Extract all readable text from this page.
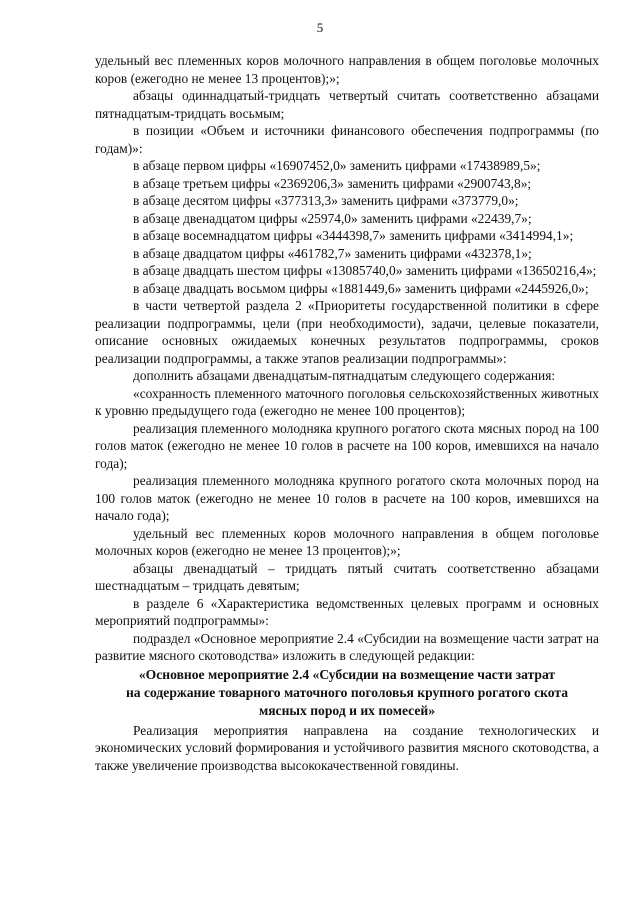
5

удельный вес племенных коров молочного направления в общем поголовье молочных коров (ежегодно не менее 13 процентов);»;

абзацы одиннадцатый-тридцать четвертый считать соответственно абзацами пятнадцатым-тридцать восьмым;

в позиции «Объем и источники финансового обеспечения подпрограммы (по годам)»:

в абзаце первом цифры «16907452,0» заменить цифрами «17438989,5»;

в абзаце третьем цифры «2369206,3» заменить цифрами «2900743,8»;

в абзаце десятом цифры «377313,3» заменить цифрами «373779,0»;

в абзаце двенадцатом цифры «25974,0» заменить цифрами «22439,7»;

в абзаце восемнадцатом цифры «3444398,7» заменить цифрами «3414994,1»;

в абзаце двадцатом цифры «461782,7» заменить цифрами «432378,1»;

в абзаце двадцать шестом цифры «13085740,0» заменить цифрами «13650216,4»;

в абзаце двадцать восьмом цифры «1881449,6» заменить цифрами «2445926,0»;

в части четвертой раздела 2 «Приоритеты государственной политики в сфере реализации подпрограммы, цели (при необходимости), задачи, целевые показатели, описание основных ожидаемых конечных результатов подпрограммы, сроков реализации подпрограммы, а также этапов реализации подпрограммы»:

дополнить абзацами двенадцатым-пятнадцатым следующего содержания:

«сохранность племенного маточного поголовья сельскохозяйственных животных к уровню предыдущего года (ежегодно не менее 100 процентов);

реализация племенного молодняка крупного рогатого скота мясных пород на 100 голов маток (ежегодно не менее 10 голов в расчете на 100 коров, имевшихся на начало года);

реализация племенного молодняка крупного рогатого скота молочных пород на 100 голов маток (ежегодно не менее 10 голов в расчете на 100 коров, имевшихся на начало года);

удельный вес племенных коров молочного направления в общем поголовье молочных коров (ежегодно не менее 13 процентов);»;

абзацы двенадцатый – тридцать пятый считать соответственно абзацами шестнадцатым – тридцать девятым;

в разделе 6 «Характеристика ведомственных целевых программ и основных мероприятий подпрограммы»:

подраздел «Основное мероприятие 2.4 «Субсидии на возмещение части затрат на развитие мясного скотоводства» изложить в следующей редакции:

«Основное мероприятие 2.4 «Субсидии на возмещение части затрат
на содержание товарного маточного поголовья крупного рогатого скота
мясных пород и их помесей»

Реализация мероприятия направлена на создание технологических и экономических условий формирования и устойчивого развития мясного скотоводства, а также увеличение производства высококачественной говядины.
